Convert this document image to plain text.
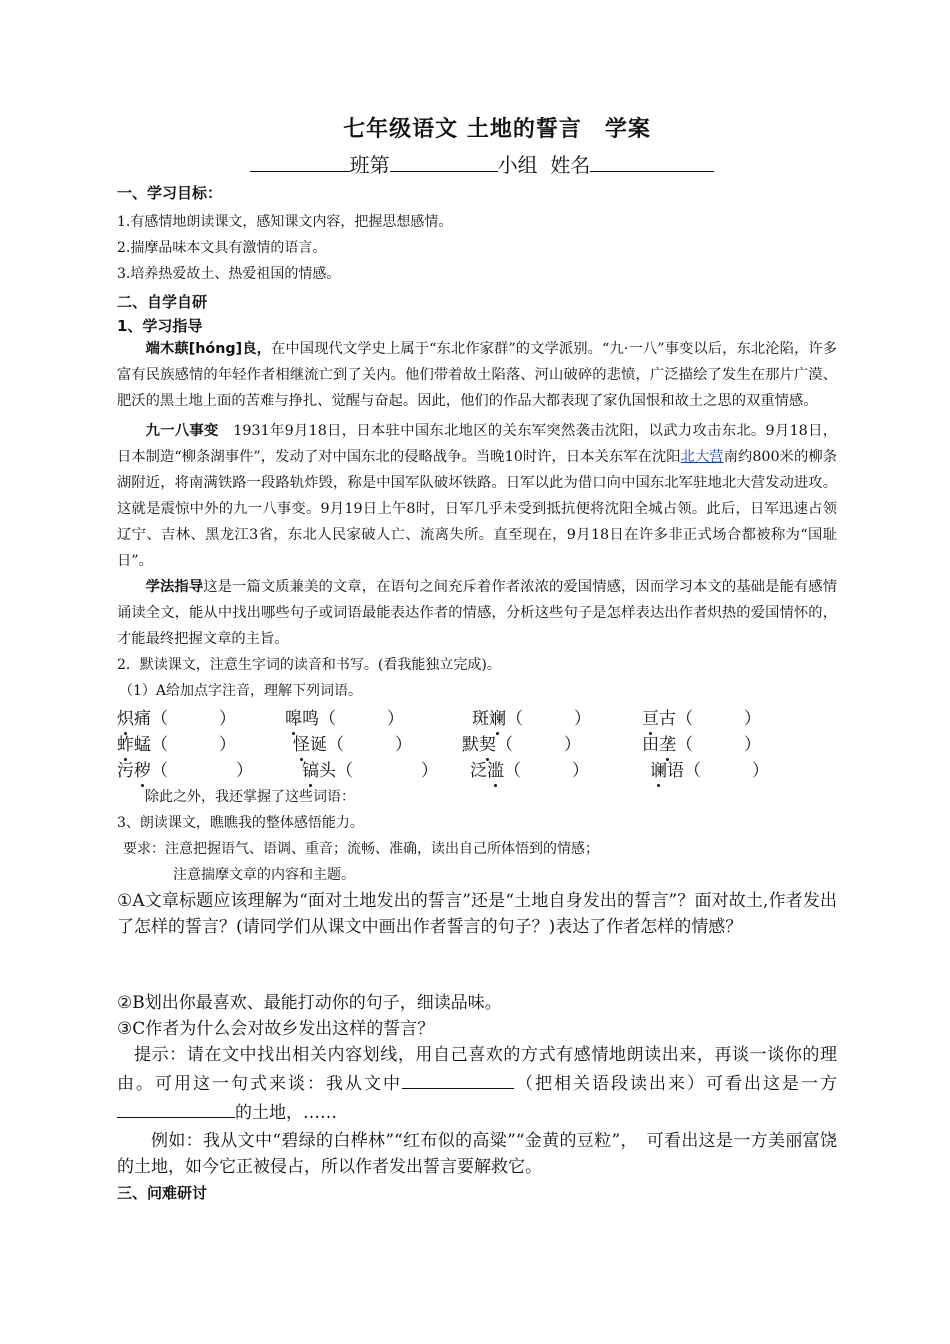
七年级语文 土地的誓言　学案
班第	小组 姓名
一、学习目标：
1.有感情地朗读课文，感知课文内容，把握思想感情。
2.揣摩品味本文具有激情的语言。
3.培养热爱故土、热爱祖国的情感。
二、自学自研
1、学习指导
端木蕻[hóng]良，在中国现代文学史上属于“东北作家群”的文学派别。“九·一八”事变以后，东北沦陷，许多富有民族感情的年轻作者相继流亡到了关内。他们带着故土陷落、河山破碎的悲愤，广泛描绘了发生在那片广漠、肥沃的黑土地上面的苦难与挣扎、觉醒与奋起。因此，他们的作品大都表现了家仇国恨和故土之思的双重情感。
九一八事变　1931年9月18日，日本驻中国东北地区的关东军突然袭击沈阳，以武力攻击东北。9月18日，日本制造“柳条湖事件”，发动了对中国东北的侵略战争。当晚10时许，日本关东军在沈阳北大营南约800米的柳条湖附近，将南满铁路一段路轨炸毁，称是中国军队破坏铁路。日军以此为借口向中国东北军驻地北大营发动进攻。这就是震惊中外的九一八事变。9月19日上午8时，日军几乎未受到抵抗便将沈阳全城占领。此后，日军迅速占领辽宁、吉林、黑龙江3省，东北人民家破人亡、流离失所。直至现在，9月18日在许多非正式场合都被称为“国耻日”。
学法指导这是一篇文质兼美的文章，在语句之间充斥着作者浓浓的爱国情感，因而学习本文的基础是能有感情诵读全文，能从中找出哪些句子或词语最能表达作者的情感，分析这些句子是怎样表达出作者炽热的爱国情怀的，才能最终把握文章的主旨。
2．默读课文，注意生字词的读音和书写。(看我能独立完成)。
（1）A给加点字注音，理解下列词语。
炽痛（　　　）	嗥鸣（　　　）	斑斓（　　　）	亘古（　　　）
蚱蜢（　　　）	怪诞（　　　）	默契（　　　）	田垄（　　　）
污秽（　　　　）	镐头（　　　　） 泛滥（　　　）	谰语（　　　）
除此之外，我还掌握了这些词语：
3、朗读课文，瞧瞧我的整体感悟能力。
要求：注意把握语气、语调、重音；流畅、准确，读出自己所体悟到的情感；
注意揣摩文章的内容和主题。
①A文章标题应该理解为“面对土地发出的誓言”还是“土地自身发出的誓言”？面对故土,作者发出了怎样的誓言？(请同学们从课文中画出作者誓言的句子？)表达了作者怎样的情感？
②B划出你最喜欢、最能打动你的句子，细读品味。
③C作者为什么会对故乡发出这样的誓言？
提示：请在文中找出相关内容划线，用自己喜欢的方式有感情地朗读出来，再谈一谈你的理由。可用这一句式来谈：我从文中	（把相关语段读出来）可看出这是一方的土地，……
例如：我从文中“碧绿的白桦林”“红布似的高粱”“金黄的豆粒”，　可看出这是一方美丽富饶的土地，如今它正被侵占，所以作者发出誓言要解救它。
三、问难研讨
